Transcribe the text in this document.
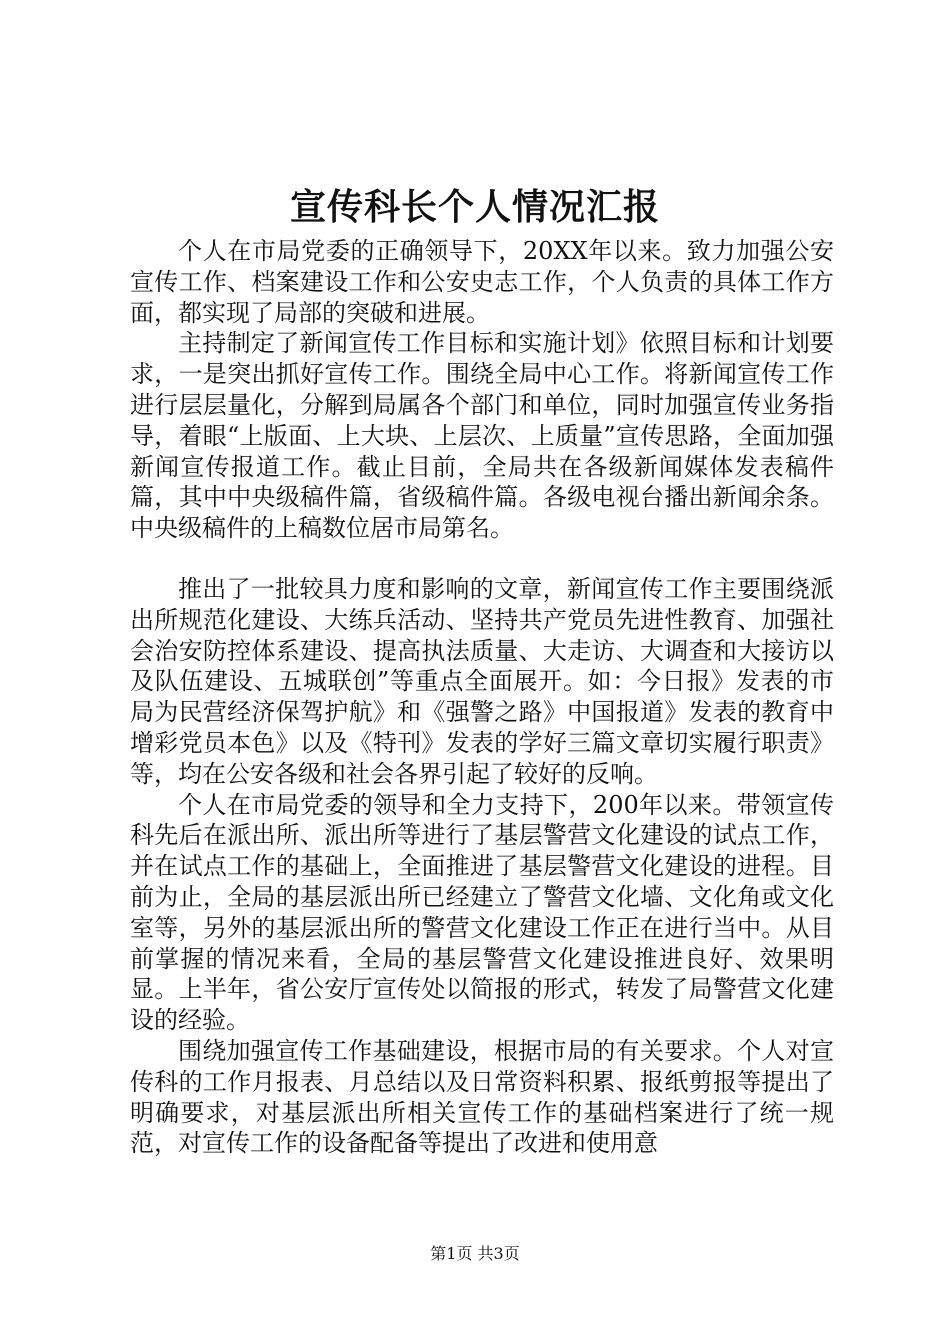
宣传科长个人情况汇报

个人在市局党委的正确领导下，20XX年以来。致力加强公安宣传工作、档案建设工作和公安史志工作，个人负责的具体工作方面，都实现了局部的突破和进展。

主持制定了新闻宣传工作目标和实施计划》依照目标和计划要求，一是突出抓好宣传工作。围绕全局中心工作。将新闻宣传工作进行层层量化，分解到局属各个部门和单位，同时加强宣传业务指导，着眼“上版面、上大块、上层次、上质量”宣传思路，全面加强新闻宣传报道工作。截止目前，全局共在各级新闻媒体发表稿件篇，其中中央级稿件篇，省级稿件篇。各级电视台播出新闻余条。中央级稿件的上稿数位居市局第名。

推出了一批较具力度和影响的文章，新闻宣传工作主要围绕派出所规范化建设、大练兵活动、坚持共产党员先进性教育、加强社会治安防控体系建设、提高执法质量、大走访、大调查和大接访以及队伍建设、五城联创”等重点全面展开。如：今日报》发表的市局为民营经济保驾护航》和《强警之路》中国报道》发表的教育中增彩党员本色》以及《特刊》发表的学好三篇文章切实履行职责》等，均在公安各级和社会各界引起了较好的反响。

个人在市局党委的领导和全力支持下，200年以来。带领宣传科先后在派出所、派出所等进行了基层警营文化建设的试点工作，并在试点工作的基础上，全面推进了基层警营文化建设的进程。目前为止，全局的基层派出所已经建立了警营文化墙、文化角或文化室等，另外的基层派出所的警营文化建设工作正在进行当中。从目前掌握的情况来看，全局的基层警营文化建设推进良好、效果明显。上半年，省公安厅宣传处以简报的形式，转发了局警营文化建设的经验。

围绕加强宣传工作基础建设，根据市局的有关要求。个人对宣传科的工作月报表、月总结以及日常资料积累、报纸剪报等提出了明确要求，对基层派出所相关宣传工作的基础档案进行了统一规范，对宣传工作的设备配备等提出了改进和使用意

第1页 共3页
